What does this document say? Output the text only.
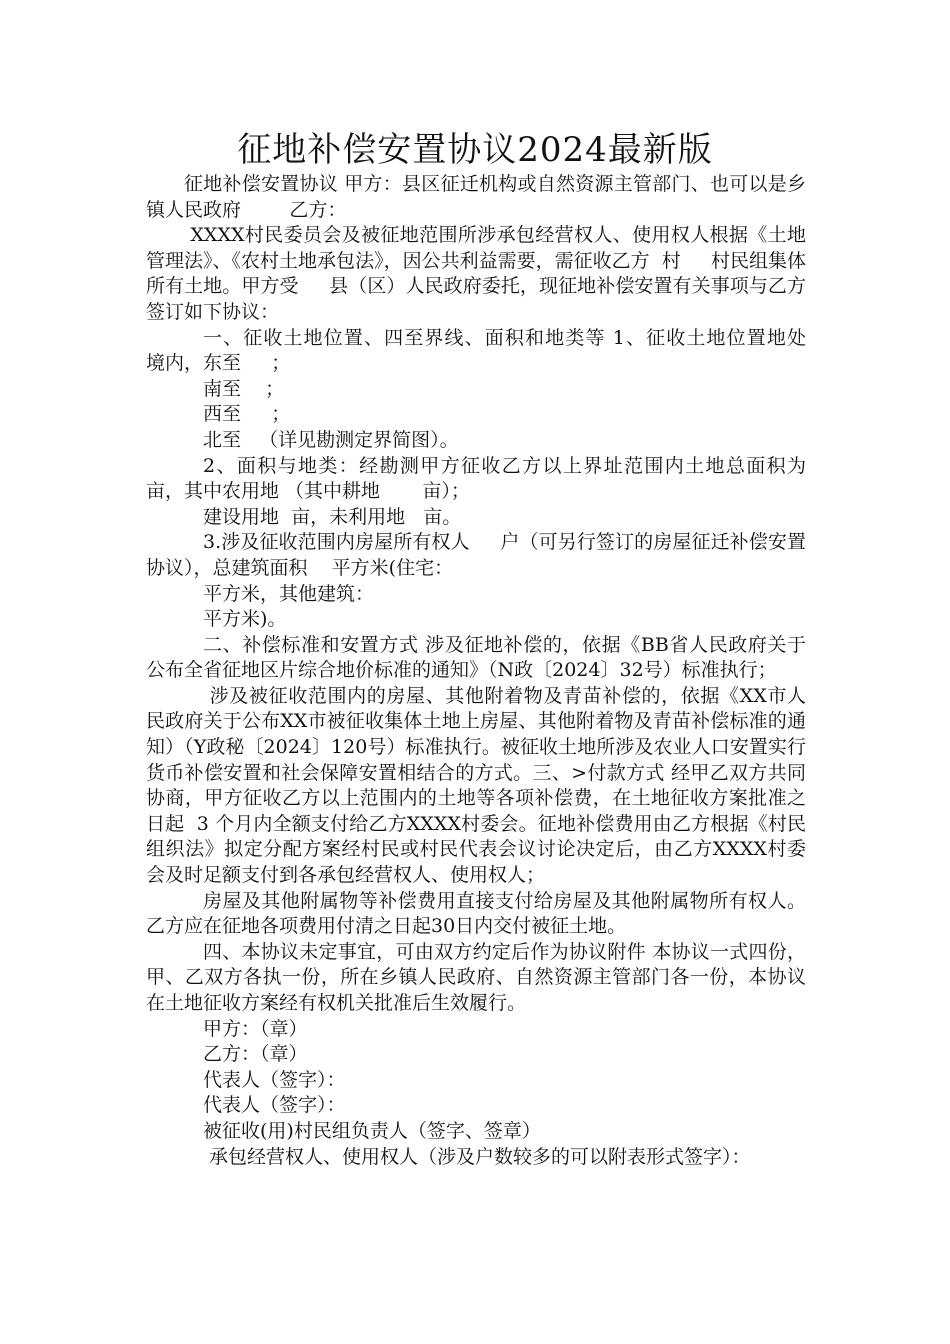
征地补偿安置协议2024最新版

征地补偿安置协议 甲方：县区征迁机构或自然资源主管部门、也可以是乡镇人民政府        乙方：

XXXX村民委员会及被征地范围所涉承包经营权人、使用权人根据《土地管理法》、《农村土地承包法》，因公共利益需要，需征收乙方  村     村民组集体所有土地。甲方受     县（区）人民政府委托，现征地补偿安置有关事项与乙方签订如下协议：

一、征收土地位置、四至界线、面积和地类等 1、征收土地位置地处        境内，东至     ；

南至    ；

西至     ；

北至   （详见勘测定界简图）。

2、面积与地类：经勘测甲方征收乙方以上界址范围内土地总面积为 亩，其中农用地 （其中耕地       亩）；

建设用地  亩，未利用地   亩。

3.涉及征收范围内房屋所有权人     户（可另行签订的房屋征迁补偿安置协议），总建筑面积    平方米(住宅：

平方米，其他建筑：

平方米)。

二、补偿标准和安置方式 涉及征地补偿的，依据《BB省人民政府关于公布全省征地区片综合地价标准的通知》（N政〔2024〕32号）标准执行；

涉及被征收范围内的房屋、其他附着物及青苗补偿的，依据《XX市人民政府关于公布XX市被征收集体土地上房屋、其他附着物及青苗补偿标准的通知）（Y政秘〔2024〕120号）标准执行。被征收土地所涉及农业人口安置实行货币补偿安置和社会保障安置相结合的方式。三、>付款方式 经甲乙双方共同协商，甲方征收乙方以上范围内的土地等各项补偿费，在土地征收方案批准之日起  3 个月内全额支付给乙方XXXX村委会。征地补偿费用由乙方根据《村民组织法》拟定分配方案经村民或村民代表会议讨论决定后，由乙方XXXX村委会及时足额支付到各承包经营权人、使用权人；

房屋及其他附属物等补偿费用直接支付给房屋及其他附属物所有权人。乙方应在征地各项费用付清之日起30日内交付被征土地。

四、本协议未定事宜，可由双方约定后作为协议附件 本协议一式四份，甲、乙双方各执一份，所在乡镇人民政府、自然资源主管部门各一份，本协议在土地征收方案经有权机关批准后生效履行。

甲方：（章）

乙方：（章）

代表人（签字）：

代表人（签字）：

被征收(用)村民组负责人（签字、签章）

承包经营权人、使用权人（涉及户数较多的可以附表形式签字）：
